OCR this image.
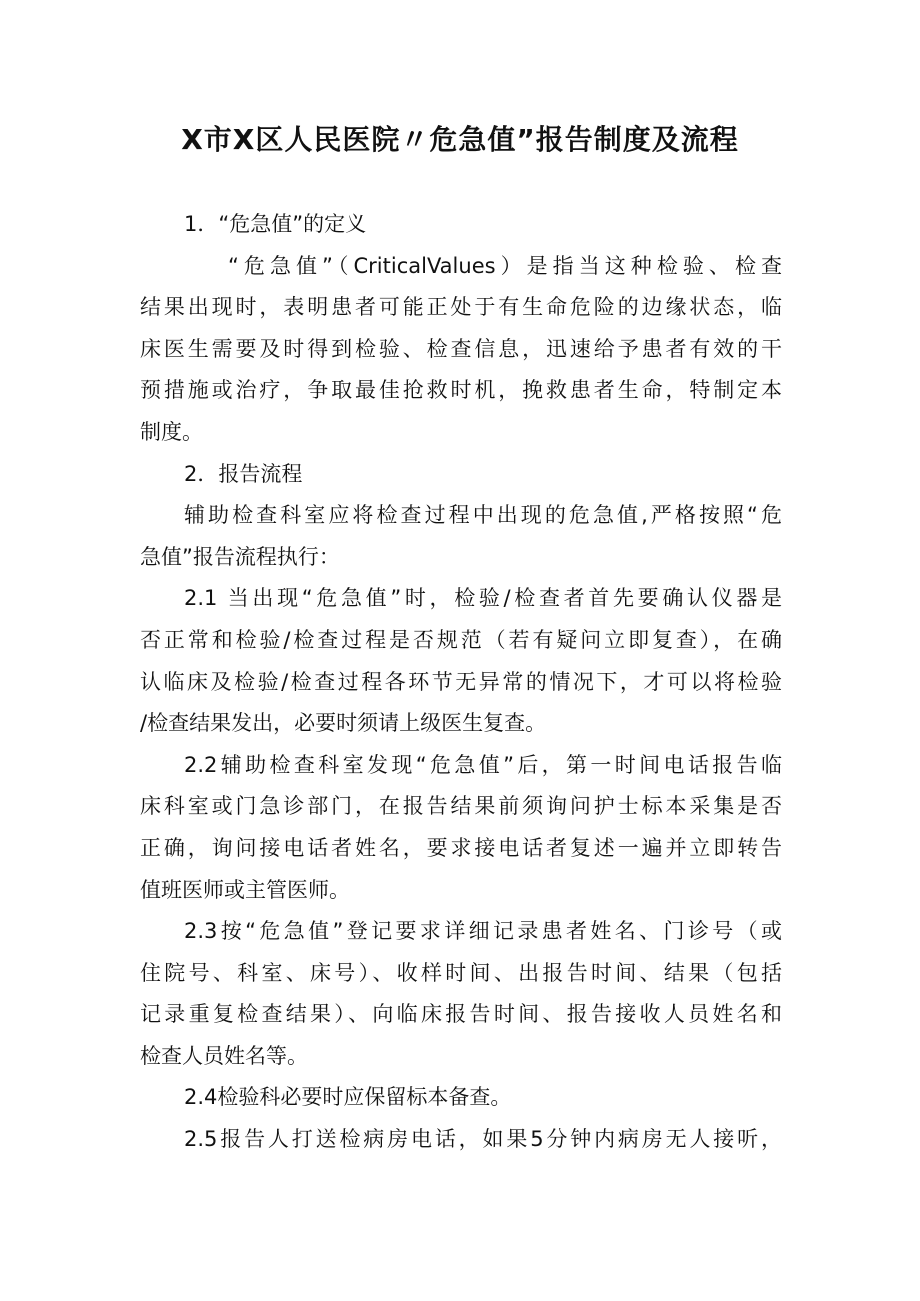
X市X区人民医院〃危急值”报告制度及流程
1．“危急值”的定义
“危急值”（CriticalValues）是指当这种检验、检查
结果出现时，表明患者可能正处于有生命危险的边缘状态，临
床医生需要及时得到检验、检查信息，迅速给予患者有效的干
预措施或治疗，争取最佳抢救时机，挽救患者生命，特制定本
制度。
2．报告流程
辅助检查科室应将检查过程中出现的危急值,严格按照“危
急值”报告流程执行：
2.1 当出现“危急值”时，检验/检查者首先要确认仪器是
否正常和检验/检查过程是否规范（若有疑问立即复查），在确
认临床及检验/检查过程各环节无异常的情况下，才可以将检验
/检查结果发出，必要时须请上级医生复查。
2.2辅助检查科室发现“危急值”后，第一时间电话报告临
床科室或门急诊部门，在报告结果前须询问护士标本采集是否
正确，询问接电话者姓名，要求接电话者复述一遍并立即转告
值班医师或主管医师。
2.3按“危急值”登记要求详细记录患者姓名、门诊号（或
住院号、科室、床号）、收样时间、出报告时间、结果（包括
记录重复检查结果）、向临床报告时间、报告接收人员姓名和
检查人员姓名等。
2.4检验科必要时应保留标本备查。
2.5报告人打送检病房电话，如果5分钟内病房无人接听，
